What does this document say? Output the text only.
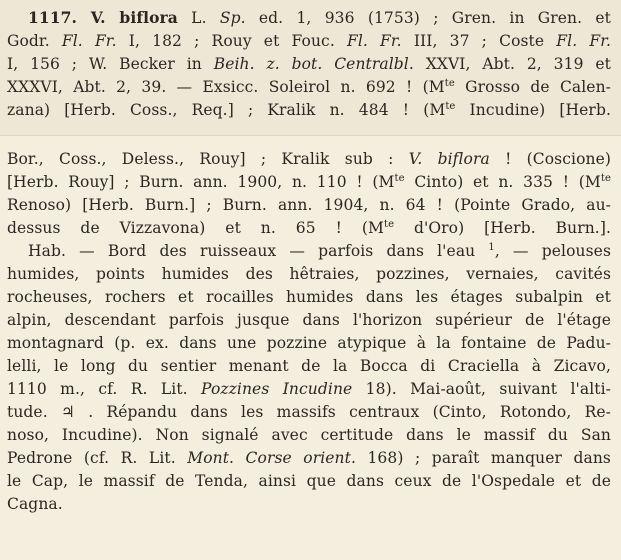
1117. V. biflora L. Sp. ed. 1, 936 (1753) ; Gren. in Gren. et
Godr. Fl. Fr. I, 182 ; Rouy et Fouc. Fl. Fr. III, 37 ; Coste Fl. Fr.
I, 156 ; W. Becker in Beih. z. bot. Centralbl. XXVI, Abt. 2, 319 et
XXXVI, Abt. 2, 39. — Exsicc. Soleirol n. 692 ! ($M^{te}$ Grosso de Calen-
zana) [Herb. Coss., Req.] ; Kralik n. 484 ! ($M^{te}$ Incudine) [Herb.
Bor., Coss., Deless., Rouy] ; Kralik sub : V. biflora ! (Coscione)
[Herb. Rouy] ; Burn. ann. 1900, n. 110 ! ($M^{te}$ Cinto) et n. 335 ! ($M^{te}$
Renoso) [Herb. Burn.] ; Burn. ann. 1904, n. 64 ! (Pointe Grado, au-
dessus de Vizzavona) et n. 65 ! ($M^{te}$ d'Oro) [Herb. Burn.].
Hab. — Bord des ruisseaux — parfois dans l'eau $^1$, — pelouses
humides, points humides des hêtraies, pozzines, vernaies, cavités
rocheuses, rochers et rocailles humides dans les étages subalpin et
alpin, descendant parfois jusque dans l'horizon supérieur de l'étage
montagnard (p. ex. dans une pozzine atypique à la fontaine de Padu-
lelli, le long du sentier menant de la Bocca di Craciella à Zicavo,
1110 m., cf. R. Lit. Pozzines Incudine 18). Mai-août, suivant l'alti-
tude. ♃ . Répandu dans les massifs centraux (Cinto, Rotondo, Re-
noso, Incudine). Non signalé avec certitude dans le massif du San
Pedrone (cf. R. Lit. Mont. Corse orient. 168) ; paraît manquer dans
le Cap, le massif de Tenda, ainsi que dans ceux de l'Ospedale et de
Cagna.
